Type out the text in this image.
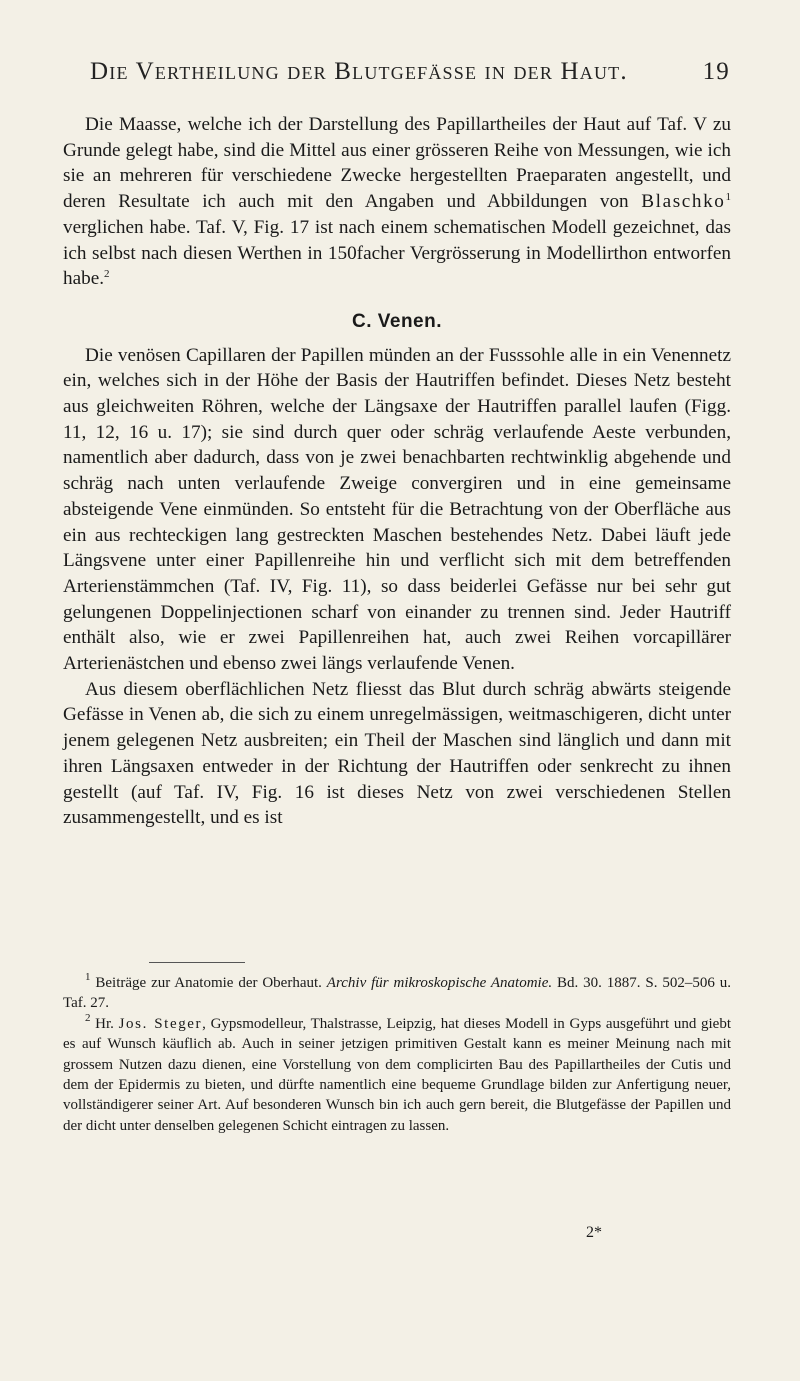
Die Vertheilung der Blutgefässe in der Haut.	19

Die Maasse, welche ich der Darstellung des Papillartheiles der Haut auf Taf. V zu Grunde gelegt habe, sind die Mittel aus einer grösseren Reihe von Messungen, wie ich sie an mehreren für verschiedene Zwecke hergestellten Praeparaten angestellt, und deren Resultate ich auch mit den Angaben und Abbildungen von Blaschko$^1$ verglichen habe. Taf. V, Fig. 17 ist nach einem schematischen Modell gezeichnet, das ich selbst nach diesen Werthen in 150facher Vergrösserung in Modellirthon entworfen habe.$^2$

C. Venen.

Die venösen Capillaren der Papillen münden an der Fusssohle alle in ein Venennetz ein, welches sich in der Höhe der Basis der Hautriffen befindet. Dieses Netz besteht aus gleichweiten Röhren, welche der Längsaxe der Hautriffen parallel laufen (Figg. 11, 12, 16 u. 17); sie sind durch quer oder schräg verlaufende Aeste verbunden, namentlich aber dadurch, dass von je zwei benachbarten rechtwinklig abgehende und schräg nach unten verlaufende Zweige convergiren und in eine gemeinsame absteigende Vene einmünden. So entsteht für die Betrachtung von der Oberfläche aus ein aus rechteckigen lang gestreckten Maschen bestehendes Netz. Dabei läuft jede Längsvene unter einer Papillenreihe hin und verflicht sich mit dem betreffenden Arterienstämmchen (Taf. IV, Fig. 11), so dass beiderlei Gefässe nur bei sehr gut gelungenen Doppelinjectionen scharf von einander zu trennen sind. Jeder Hautriff enthält also, wie er zwei Papillenreihen hat, auch zwei Reihen vorcapillärer Arterienästchen und ebenso zwei längs verlaufende Venen.

Aus diesem oberflächlichen Netz fliesst das Blut durch schräg abwärts steigende Gefässe in Venen ab, die sich zu einem unregelmässigen, weitmaschigeren, dicht unter jenem gelegenen Netz ausbreiten; ein Theil der Maschen sind länglich und dann mit ihren Längsaxen entweder in der Richtung der Hautriffen oder senkrecht zu ihnen gestellt (auf Taf. IV, Fig. 16 ist dieses Netz von zwei verschiedenen Stellen zusammengestellt, und es ist

$^1$ Beiträge zur Anatomie der Oberhaut. Archiv für mikroskopische Anatomie. Bd. 30. 1887. S. 502–506 u. Taf. 27.

$^2$ Hr. Jos. Steger, Gypsmodelleur, Thalstrasse, Leipzig, hat dieses Modell in Gyps ausgeführt und giebt es auf Wunsch käuflich ab. Auch in seiner jetzigen primitiven Gestalt kann es meiner Meinung nach mit grossem Nutzen dazu dienen, eine Vorstellung von dem complicirten Bau des Papillartheiles der Cutis und dem der Epidermis zu bieten, und dürfte namentlich eine bequeme Grundlage bilden zur Anfertigung neuer, vollständigerer seiner Art. Auf besonderen Wunsch bin ich auch gern bereit, die Blutgefässe der Papillen und der dicht unter denselben gelegenen Schicht eintragen zu lassen.

2*
